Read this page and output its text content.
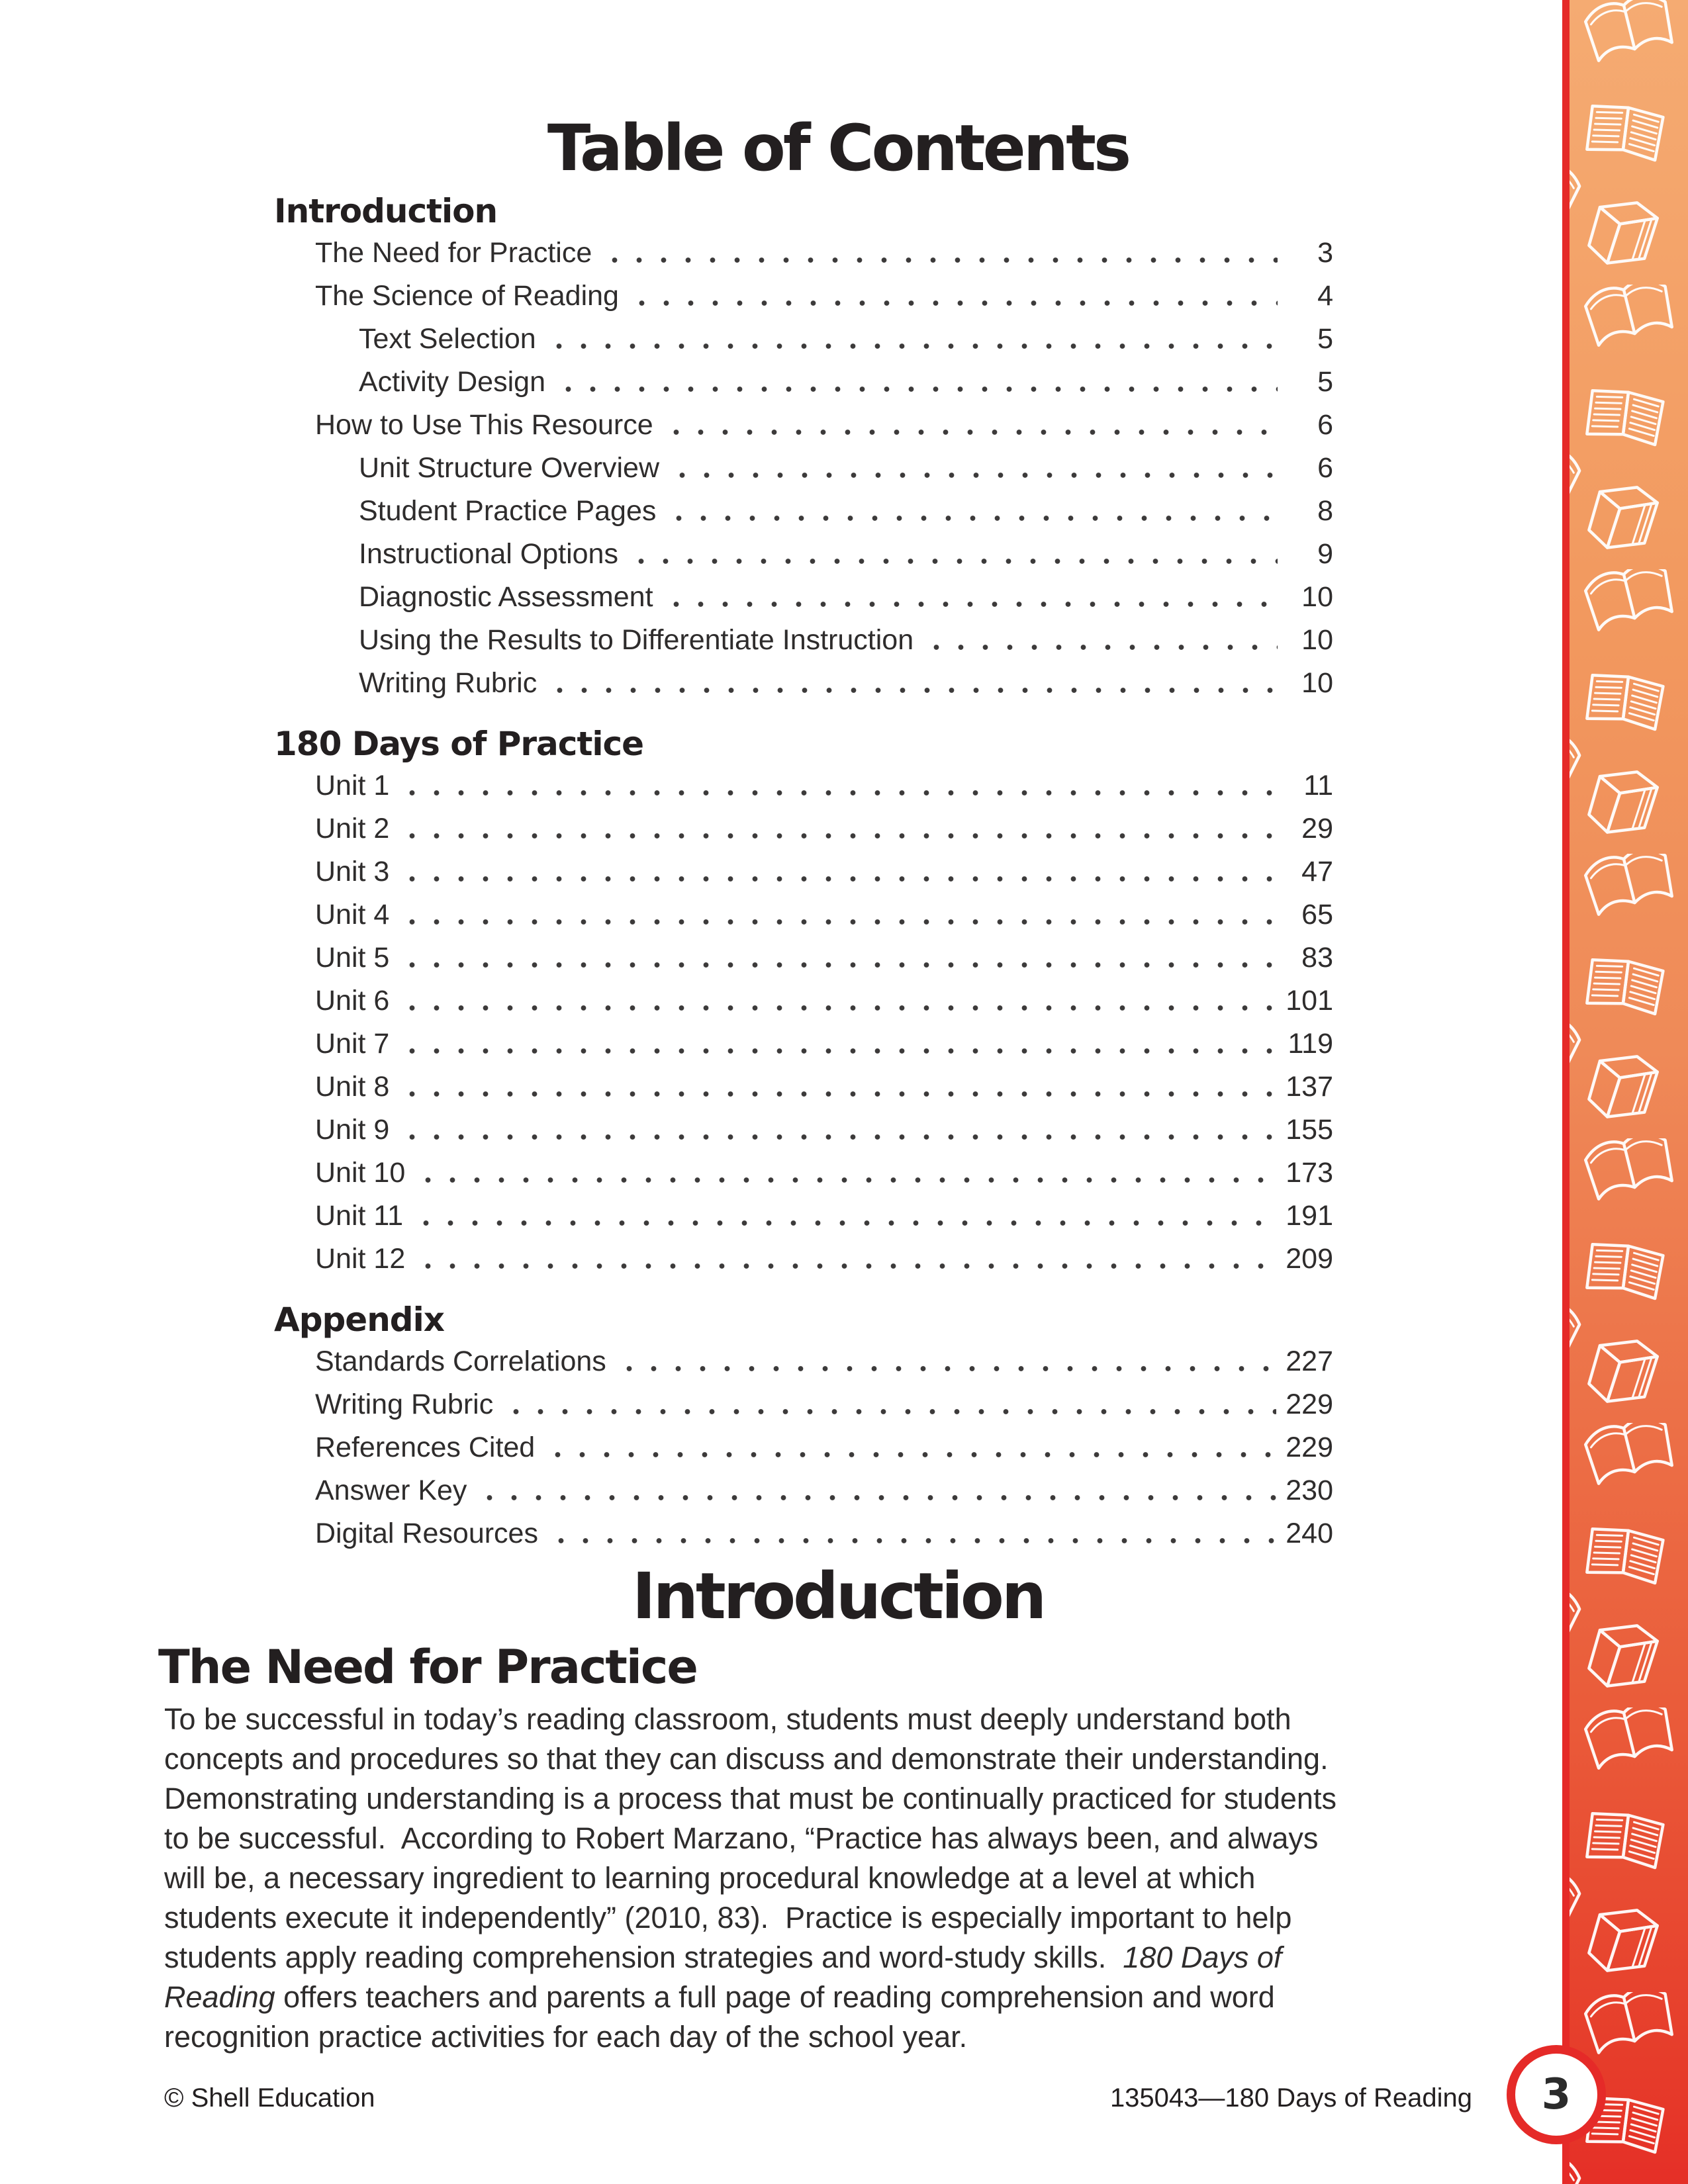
3
Table of Contents
Introduction
The Need for Practice	3
The Science of Reading	4
Text Selection	5
Activity Design	5
How to Use This Resource	6
Unit Structure Overview	6
Student Practice Pages	8
Instructional Options	9
Diagnostic Assessment	10
Using the Results to Differentiate Instruction	10
Writing Rubric	10
180 Days of Practice
Unit 1	11
Unit 2	29
Unit 3	47
Unit 4	65
Unit 5	83
Unit 6	101
Unit 7	119
Unit 8	137
Unit 9	155
Unit 10	173
Unit 11	191
Unit 12	209
Appendix
Standards Correlations	227
Writing Rubric	229
References Cited	229
Answer Key	230
Digital Resources	240
Introduction
The Need for Practice
To be successful in today’s reading classroom, students must deeply understand both
concepts and procedures so that they can discuss and demonstrate their understanding.
Demonstrating understanding is a process that must be continually practiced for students
to be successful.  According to Robert Marzano, “Practice has always been, and always
will be, a necessary ingredient to learning procedural knowledge at a level at which
students execute it independently” (2010, 83).  Practice is especially important to help
students apply reading comprehension strategies and word-study skills.  180 Days of
Reading offers teachers and parents a full page of reading comprehension and word
recognition practice activities for each day of the school year.
© Shell Education	135043—180 Days of Reading
